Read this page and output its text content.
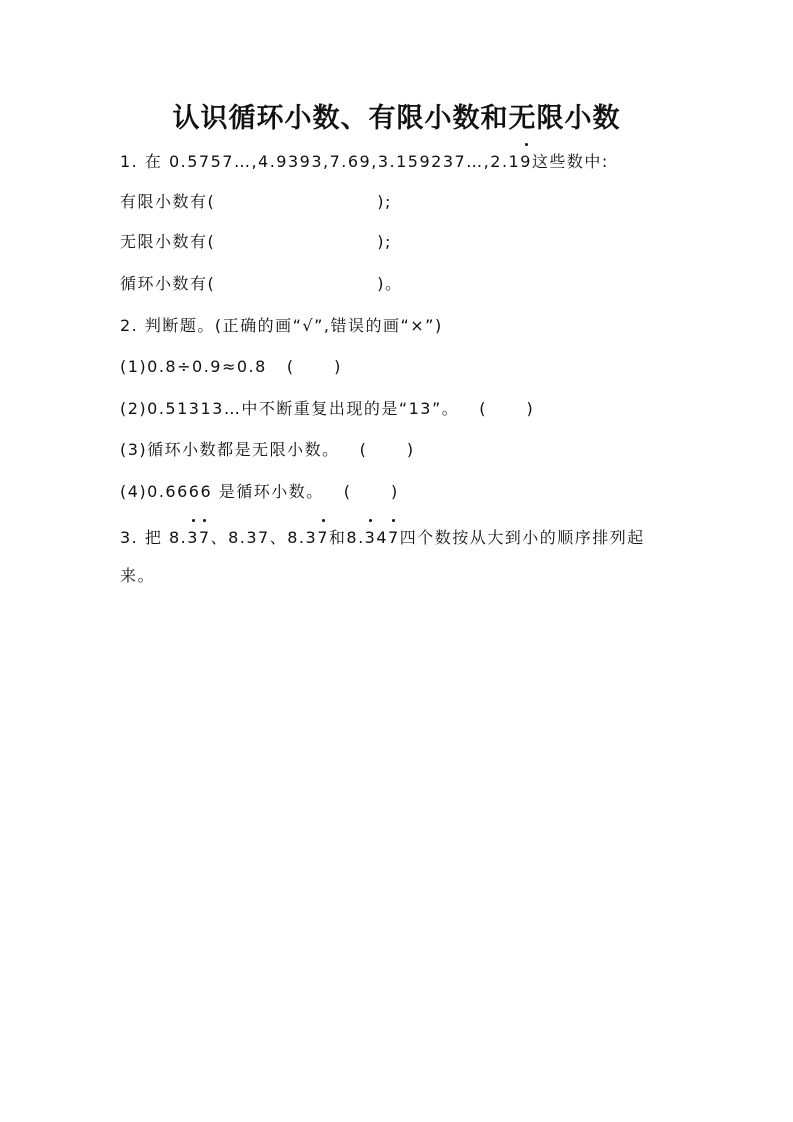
认识循环小数、有限小数和无限小数
1. 在 0.5757…,4.9393,7.69,3.159237…,2.1
9这些数中:
有限小数有(	);
无限小数有(	);
循环小数有(	)。
2. 判断题。(正确的画“√”,错误的画“×”)
(1)0.8÷0.9≈0.8 (      )
(2)0.51313…中不断重复出现的是“13”。 (      )
(3)循环小数都是无限小数。 (      )
(4)0.6666 是循环小数。 (      )
3. 把 8.
3
7、8.37、8.3
7和8.
34
7四个数按从大到小的顺序排列起
来。
